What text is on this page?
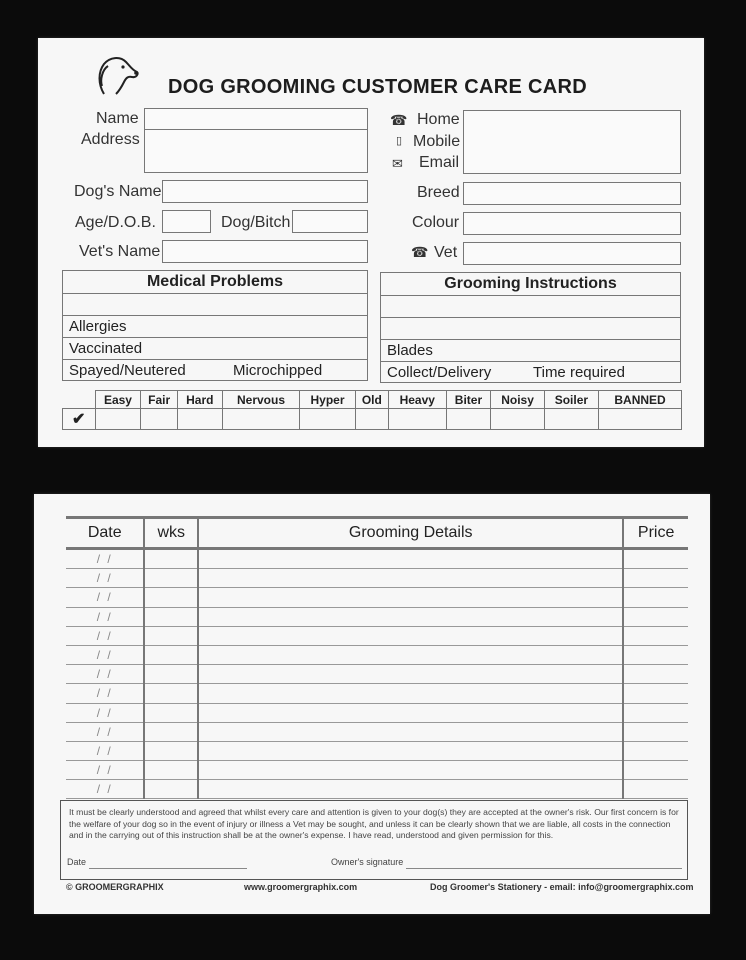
DOG GROOMING CUSTOMER CARE CARD
Name
Address
Dog's Name
Age/D.O.B.	Dog/Bitch
Vet's Name
☎ Home
▯ Mobile
✉ Email
Breed
Colour
☎ Vet
Medical Problems
Allergies
Vaccinated
Spayed/Neutered	Microchipped
Grooming Instructions
Blades
Collect/Delivery	Time required
	Easy	Fair	Hard	Nervous	Hyper	Old	Heavy	Biter	Noisy	Soiler	BANNED
✔											
Date	wks	Grooming Details	Price
/ /			
/ /			
/ /			
/ /			
/ /			
/ /			
/ /			
/ /			
/ /			
/ /			
/ /			
/ /			
/ /			
It must be clearly understood and agreed that whilst every care and attention is given to your dog(s) they are accepted at the owner's risk. Our first concern is for the welfare of your dog so in the event of injury or illness a Vet may be sought, and unless it can be clearly shown that we are liable, all costs in the connection and in the carrying out of this instruction shall be at the owner's expense. I have read, understood and given permission for this.
Date	Owner's signature
© GROOMERGRAPHIX	www.groomergraphix.com	Dog Groomer's Stationery - email: info@groomergraphix.com
